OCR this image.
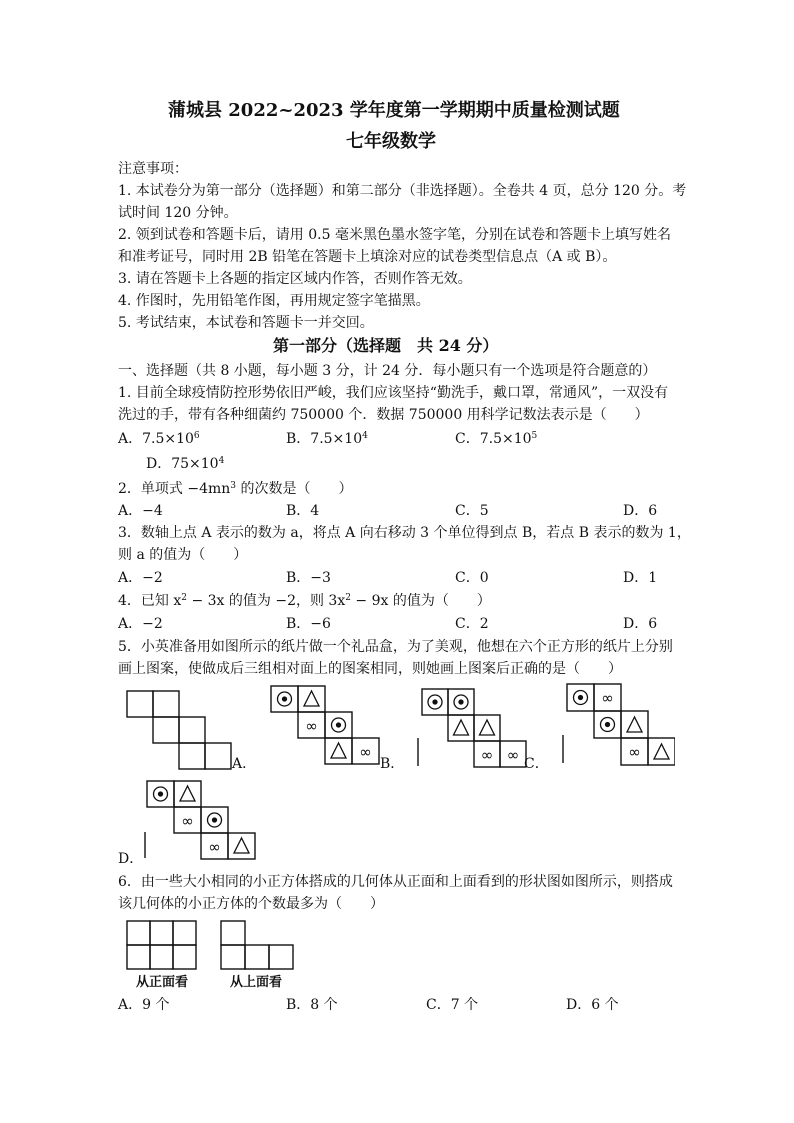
蒲城县 2022~2023 学年度第一学期期中质量检测试题
七年级数学
注意事项：
1. 本试卷分为第一部分（选择题）和第二部分（非选择题）。全卷共 4 页，总分 120 分。考
试时间 120 分钟。
2. 领到试卷和答题卡后，请用 0.5 毫米黑色墨水签字笔，分别在试卷和答题卡上填写姓名
和准考证号，同时用 2B 铅笔在答题卡上填涂对应的试卷类型信息点（A 或 B）。
3. 请在答题卡上各题的指定区域内作答，否则作答无效。
4. 作图时，先用铅笔作图，再用规定签字笔描黑。
5. 考试结束，本试卷和答题卡一并交回。
第一部分（选择题　共 24 分）
一、选择题（共 8 小题，每小题 3 分，计 24 分．每小题只有一个选项是符合题意的）
1. 目前全球疫情防控形势依旧严峻，我们应该坚持“勤洗手，戴口罩，常通风”，一双没有
洗过的手，带有各种细菌约 750000 个．数据 750000 用科学记数法表示是（　　）
A．$7.5\times 10^6$	B．$7.5\times 10^4$	C．$7.5\times 10^5$
D．$75\times 10^4$
2．单项式 $-4mn^3$ 的次数是（　　）
A．−4	B．4	C．5	D．6
3．数轴上点 A 表示的数为 a，将点 A 向右移动 3 个单位得到点 B，若点 B 表示的数为 1，
则 a 的值为（　　）
A．−2	B．−3	C．0	D．1
4．已知 $x^2 - 3x$ 的值为 −2，则 $3x^2 - 9x$ 的值为（　　）
A．−2	B．−6	C．2	D．6
5．小英准备用如图所示的纸片做一个礼品盒，为了美观，他想在六个正方形的纸片上分别
画上图案，使做成后三组相对面上的图案相同，则她画上图案后正确的是（　　）
A．
∞
∞
B．	∞ ∞ C．
∞
∞
∞
∞
D．
6．由一些大小相同的小正方体搭成的几何体从正面和上面看到的形状图如图所示，则搭成
该几何体的小正方体的个数最多为（　　）
从正面看	从上面看
A．9 个	B．8 个	C．7 个	D．6 个
